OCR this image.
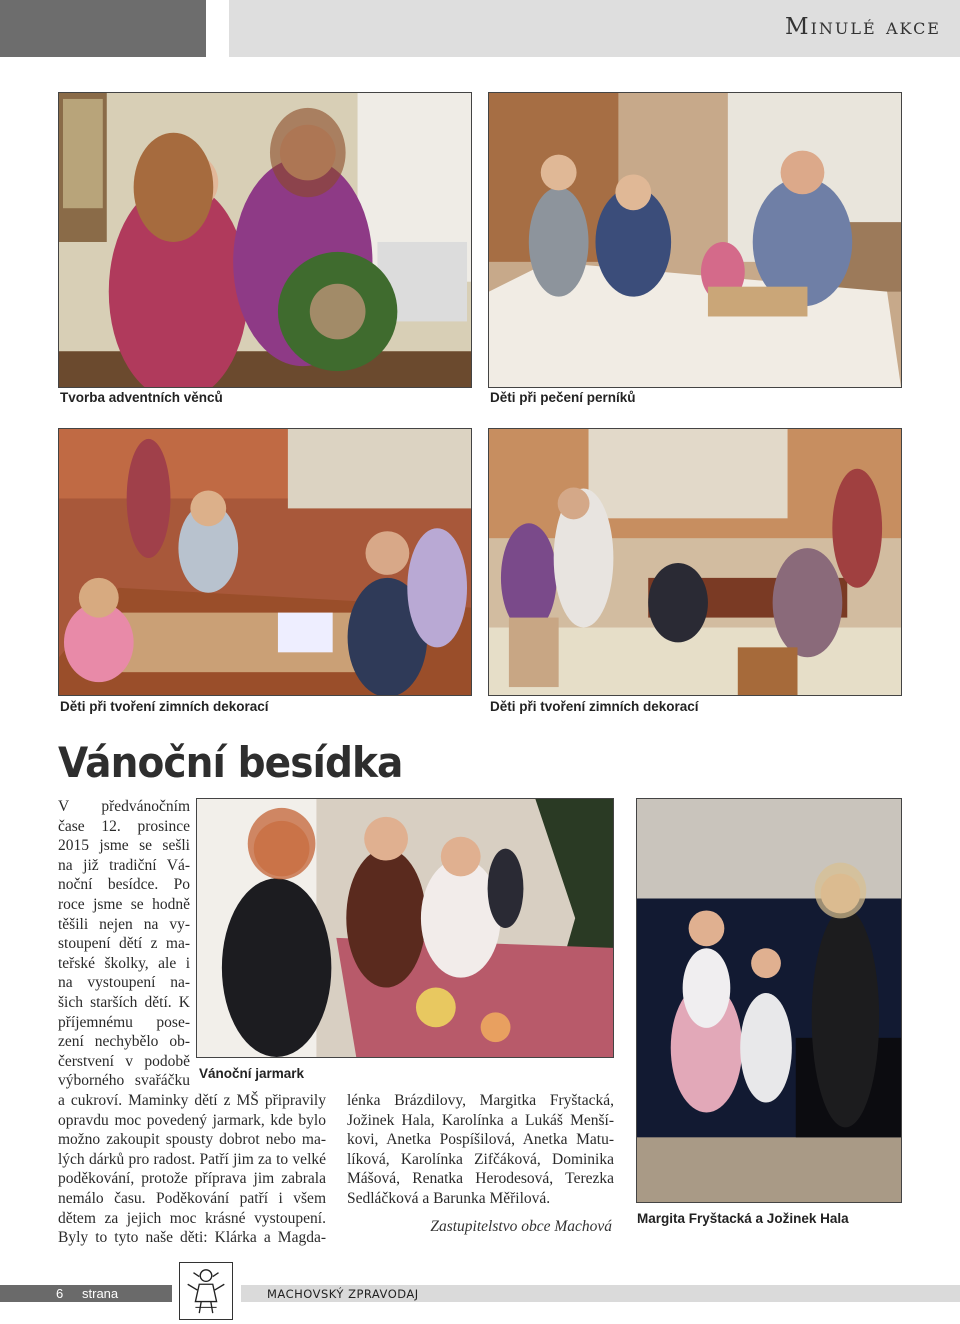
Minulé akce
Tvorba adventních věnců	Děti při pečení perníků
Děti při tvoření zimních dekorací	Děti při tvoření zimních dekorací
Vánoční besídka
Vánoční jarmark
Margita Fryštacká a Jožinek Hala

V předvánočním

čase 12. prosince

2015 jsme se sešli

na již tradiční Vá-

noční besídce. Po

roce jsme se hodně

těšili nejen na vy-

stoupení dětí z ma-

teřské školky, ale i

na vystoupení na-

šich starších dětí. K

příjemnému pose-

zení nechybělo ob-

čerstvení v podobě

výborného svařáčku

a cukroví. Maminky dětí z MŠ připravily

opravdu moc povedený jarmark, kde bylo

možno zakoupit spousty dobrot nebo ma-

lých dárků pro radost. Patří jim za to velké

poděkování, protože příprava jim zabrala

nemálo času. Poděkování patří i všem

dětem za jejich moc krásné vystoupení.

Byly to tyto naše děti: Klárka a Magda-

lénka Brázdilovy, Margitka Fryštacká,

Jožinek Hala, Karolínka a Lukáš Menší-

kovi, Anetka Pospíšilová, Anetka Matu-

líková, Karolínka Zifčáková, Dominika

Mášová, Renatka Herodesová, Terezka

Sedláčková a Barunka Měřilová.

Zastupitelstvo obce Machová
6 strana	MACHOVSKÝ ZPRAVODAJ
